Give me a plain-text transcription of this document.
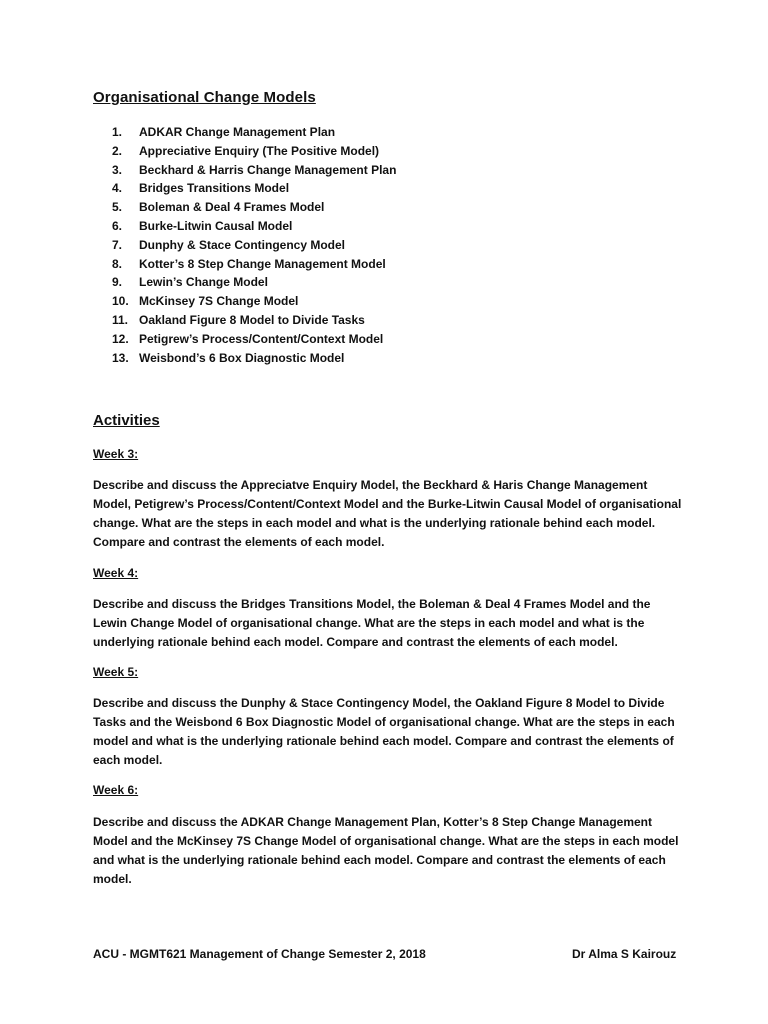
Organisational Change Models
1. ADKAR Change Management Plan
2. Appreciative Enquiry (The Positive Model)
3. Beckhard & Harris Change Management Plan
4. Bridges Transitions Model
5. Boleman & Deal 4 Frames Model
6. Burke-Litwin Causal Model
7. Dunphy & Stace Contingency Model
8. Kotter’s 8 Step Change Management Model
9. Lewin’s Change Model
10. McKinsey 7S Change Model
11. Oakland Figure 8 Model to Divide Tasks
12. Petigrew’s Process/Content/Context Model
13. Weisbond’s 6 Box Diagnostic Model
Activities
Week 3:

Describe and discuss the Appreciatve Enquiry Model, the Beckhard & Haris Change Management Model, Petigrew’s Process/Content/Context Model and the Burke-Litwin Causal Model of organisational change. What are the steps in each model and what is the underlying rationale behind each model. Compare and contrast the elements of each model.

Week 4:

Describe and discuss the Bridges Transitions Model, the Boleman & Deal 4 Frames Model and the Lewin Change Model of organisational change. What are the steps in each model and what is the underlying rationale behind each model. Compare and contrast the elements of each model.

Week 5:

Describe and discuss the Dunphy & Stace Contingency Model, the Oakland Figure 8 Model to Divide Tasks and the Weisbond 6 Box Diagnostic Model of organisational change. What are the steps in each model and what is the underlying rationale behind each model. Compare and contrast the elements of each model.

Week 6:

Describe and discuss the ADKAR Change Management Plan, Kotter’s 8 Step Change Management Model and the McKinsey 7S Change Model of organisational change. What are the steps in each model and what is the underlying rationale behind each model. Compare and contrast the elements of each model.

ACU - MGMT621 Management of Change Semester 2, 2018	Dr Alma S Kairouz
